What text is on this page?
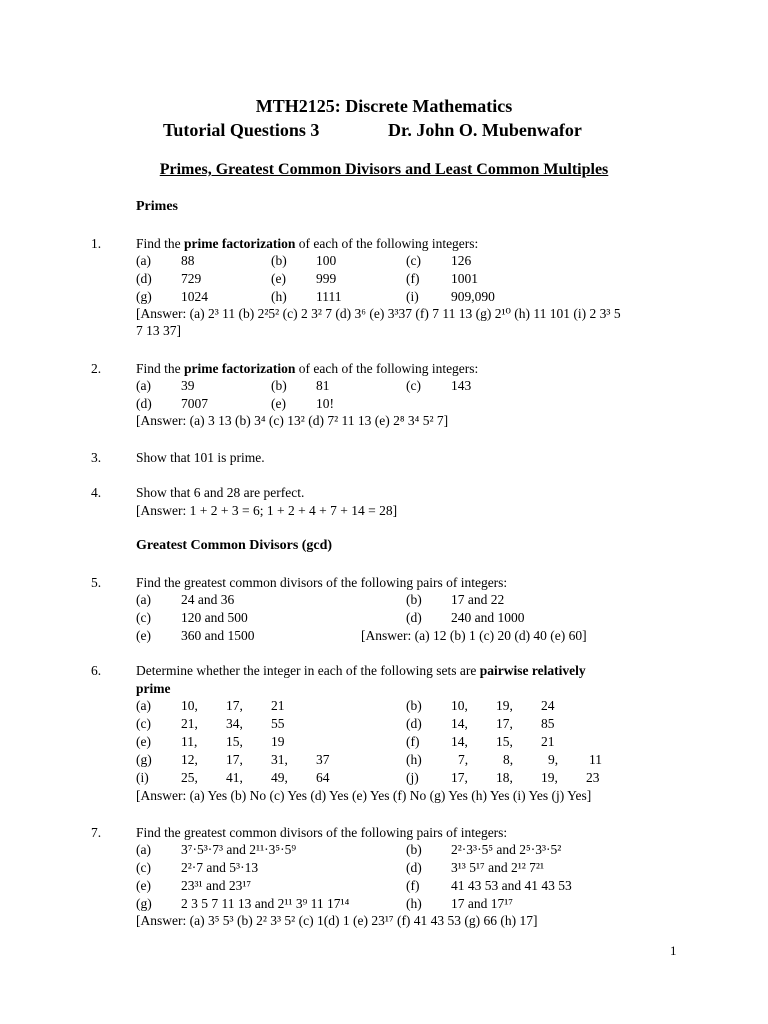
MTH2125: Discrete Mathematics
Tutorial Questions 3	Dr. John O. Mubenwafor
Primes, Greatest Common Divisors and Least Common Multiples
Primes
1.	Find the prime factorization of each of the following integers:
(a) 88	(b) 100	(c) 126
(d) 729	(e) 999	(f) 1001
(g) 1024	(h) 1111	(i) 909,090
[Answer: (a) 2³ 11 (b) 2²5² (c) 2 3² 7 (d) 3⁶ (e) 3³37 (f) 7 11 13 (g) 2¹⁰ (h) 11 101 (i) 2 3³ 5
7 13 37]
2.	Find the prime factorization of each of the following integers:
(a) 39	(b) 81	(c) 143
(d) 7007	(e) 10!
[Answer: (a) 3 13 (b) 3⁴ (c) 13² (d) 7² 11 13 (e) 2⁸ 3⁴ 5² 7]
3.	Show that 101 is prime.
4.	Show that 6 and 28 are perfect.
[Answer: 1 + 2 + 3 = 6; 1 + 2 + 4 + 7 + 14 = 28]
Greatest Common Divisors (gcd)
5.	Find the greatest common divisors of the following pairs of integers:
(a) 24 and 36	(b) 17 and 22
(c) 120 and 500	(d) 240 and 1000
(e) 360 and 1500	[Answer: (a) 12 (b) 1 (c) 20 (d) 40 (e) 60]
6.	Determine whether the integer in each of the following sets are pairwise relatively
prime
(a) 10, 17, 21	(b) 10, 19, 24
(c) 21, 34, 55	(d) 14, 17, 85
(e) 11, 15, 19	(f) 14, 15, 21
(g) 12, 17, 31, 37	(h)	7,	8,	9, 11
(i) 25, 41, 49, 64	(j) 17, 18, 19, 23
[Answer: (a) Yes (b) No (c) Yes (d) Yes (e) Yes (f) No (g) Yes (h) Yes (i) Yes (j) Yes]
7.	Find the greatest common divisors of the following pairs of integers:
(a) 3⁷·5³·7³ and 2¹¹·3⁵·5⁹	(b) 2²·3³·5⁵ and 2⁵·3³·5²
(c) 2²·7 and 5³·13	(d) 3¹³ 5¹⁷ and 2¹² 7²¹
(e) 23³¹ and 23¹⁷	(f) 41 43 53 and 41 43 53
(g) 2 3 5 7 11 13 and 2¹¹ 3⁹ 11 17¹⁴	(h) 17 and 17¹⁷
[Answer: (a) 3⁵ 5³ (b) 2² 3³ 5² (c) 1(d) 1 (e) 23¹⁷ (f) 41 43 53 (g) 66 (h) 17]
1
